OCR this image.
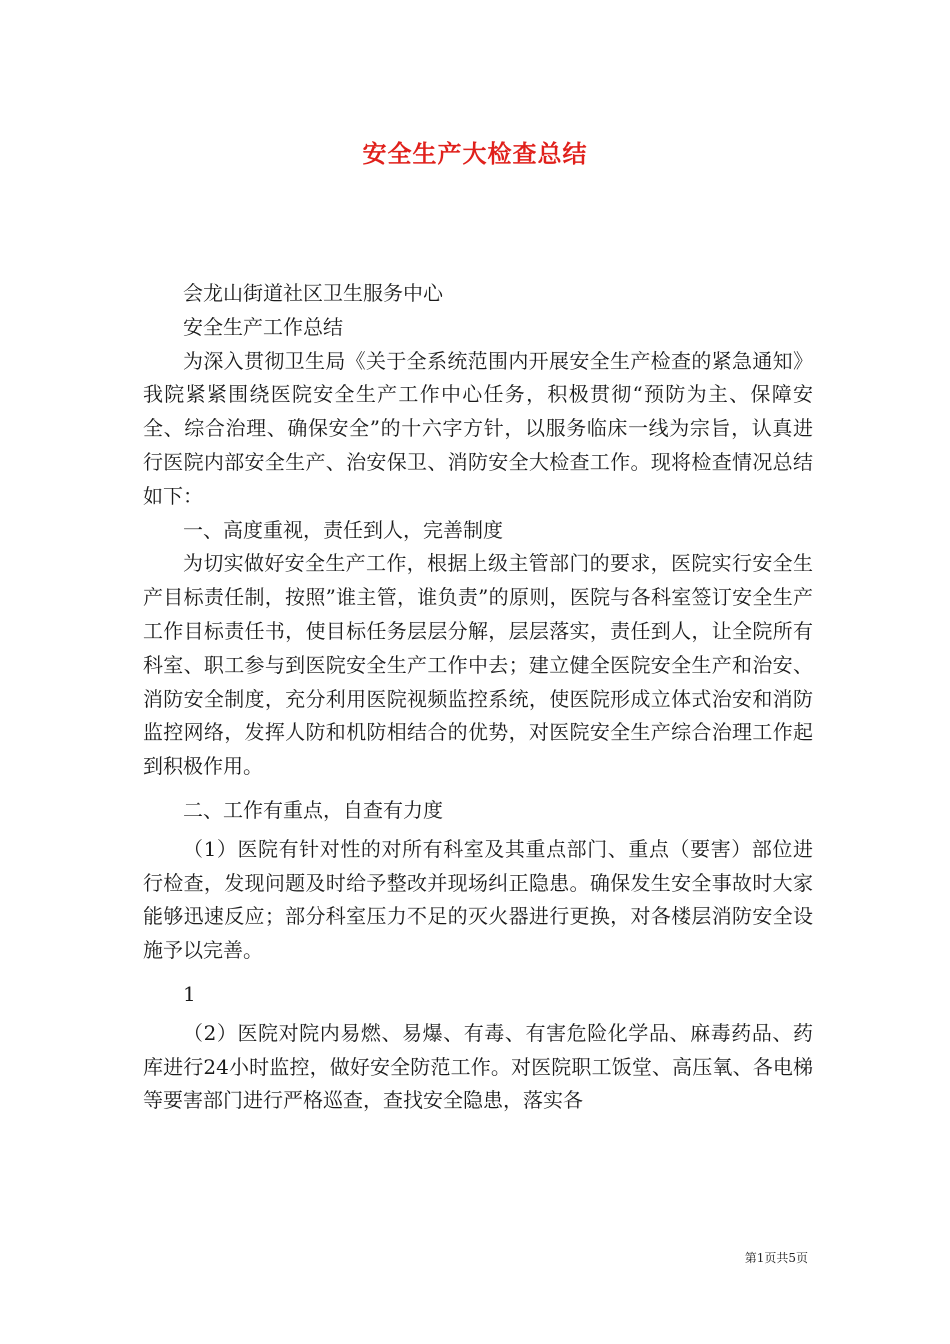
安全生产大检查总结

会龙山街道社区卫生服务中心

安全生产工作总结

为深入贯彻卫生局《关于全系统范围内开展安全生产检查的紧急通知》我院紧紧围绕医院安全生产工作中心任务，积极贯彻“预防为主、保障安全、综合治理、确保安全”的十六字方针，以服务临床一线为宗旨，认真进行医院内部安全生产、治安保卫、消防安全大检查工作。现将检查情况总结如下：

一、高度重视，责任到人，完善制度

为切实做好安全生产工作，根据上级主管部门的要求，医院实行安全生产目标责任制，按照”谁主管，谁负责”的原则，医院与各科室签订安全生产工作目标责任书，使目标任务层层分解，层层落实，责任到人，让全院所有科室、职工参与到医院安全生产工作中去；建立健全医院安全生产和治安、消防安全制度，充分利用医院视频监控系统，使医院形成立体式治安和消防监控网络，发挥人防和机防相结合的优势，对医院安全生产综合治理工作起到积极作用。

二、工作有重点，自查有力度

（1）医院有针对性的对所有科室及其重点部门、重点（要害）部位进行检查，发现问题及时给予整改并现场纠正隐患。确保发生安全事故时大家能够迅速反应；部分科室压力不足的灭火器进行更换，对各楼层消防安全设施予以完善。

1

（2）医院对院内易燃、易爆、有毒、有害危险化学品、麻毒药品、药库进行24小时监控，做好安全防范工作。对医院职工饭堂、高压氧、各电梯等要害部门进行严格巡查，查找安全隐患，落实各

第1页共5页
